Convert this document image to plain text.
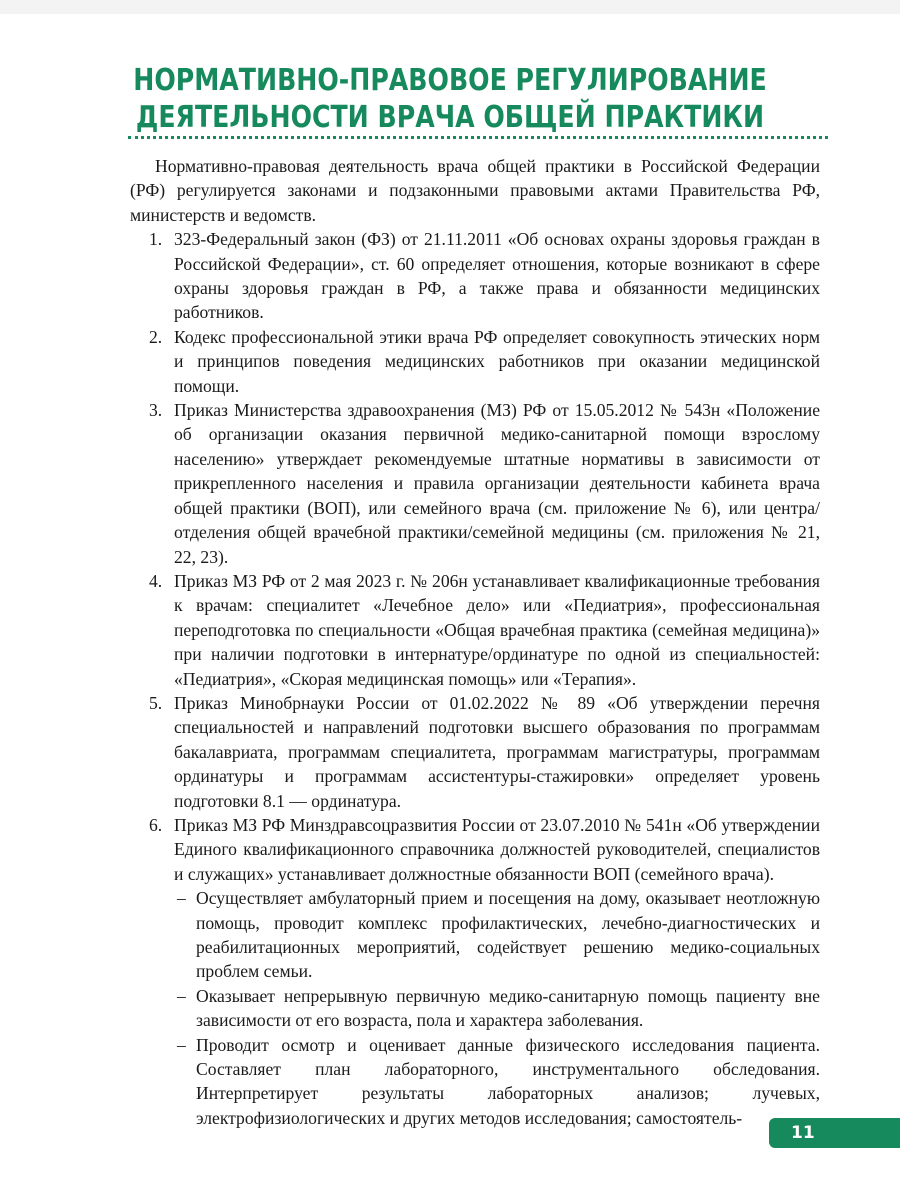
НОРМАТИВНО-ПРАВОВОЕ РЕГУЛИРОВАНИЕ
ДЕЯТЕЛЬНОСТИ ВРАЧА ОБЩЕЙ ПРАКТИКИ

Нормативно-правовая деятельность врача общей практики в Российской Федерации (РФ) регулируется законами и подзаконными правовыми актами Правительства РФ, министерств и ведомств.

1. 323-Федеральный закон (ФЗ) от 21.11.2011 «Об основах охраны здоровья граждан в Российской Федерации», ст. 60 определяет отношения, которые возникают в сфере охраны здоровья граждан в РФ, а также права и обязанности медицинских работников.
2. Кодекс профессиональной этики врача РФ определяет совокупность этических норм и принципов поведения медицинских работников при оказании медицинской помощи.
3. Приказ Министерства здравоохранения (МЗ) РФ от 15.05.2012 № 543н «Положение об организации оказания первичной медико-санитарной помощи взрослому населению» утверждает рекомендуемые штатные нормативы в зависимости от прикрепленного населения и правила организации деятельности кабинета врача общей практики (ВОП), или семейного врача (см. приложение № 6), или центра/отделения общей врачебной практики/семейной медицины (см. приложения № 21, 22, 23).
4. Приказ МЗ РФ от 2 мая 2023 г. № 206н устанавливает квалификационные требования к врачам: специалитет «Лечебное дело» или «Педиатрия», профессиональная переподготовка по специальности «Общая врачебная практика (семейная медицина)» при наличии подготовки в интернатуре/ординатуре по одной из специальностей: «Педиатрия», «Скорая медицинская помощь» или «Терапия».
5. Приказ Минобрнауки России от 01.02.2022 № 89 «Об утверждении перечня специальностей и направлений подготовки высшего образования по программам бакалавриата, программам специалитета, программам магистратуры, программам ординатуры и программам ассистентуры-стажировки» определяет уровень подготовки 8.1 — ординатура.
6. Приказ МЗ РФ Минздравсоцразвития России от 23.07.2010 № 541н «Об утверждении Единого квалификационного справочника должностей руководителей, специалистов и служащих» устанавливает должностные обязанности ВОП (семейного врача).
– Осуществляет амбулаторный прием и посещения на дому, оказывает неотложную помощь, проводит комплекс профилактических, лечебно-диагностических и реабилитационных мероприятий, содействует решению медико-социальных проблем семьи.
– Оказывает непрерывную первичную медико-санитарную помощь пациенту вне зависимости от его возраста, пола и характера заболевания.
– Проводит осмотр и оценивает данные физического исследования пациента. Составляет план лабораторного, инструментального обследования. Интерпретирует результаты лабораторных анализов; лучевых, электрофизиологических и других методов исследования; самостоятель-
11
